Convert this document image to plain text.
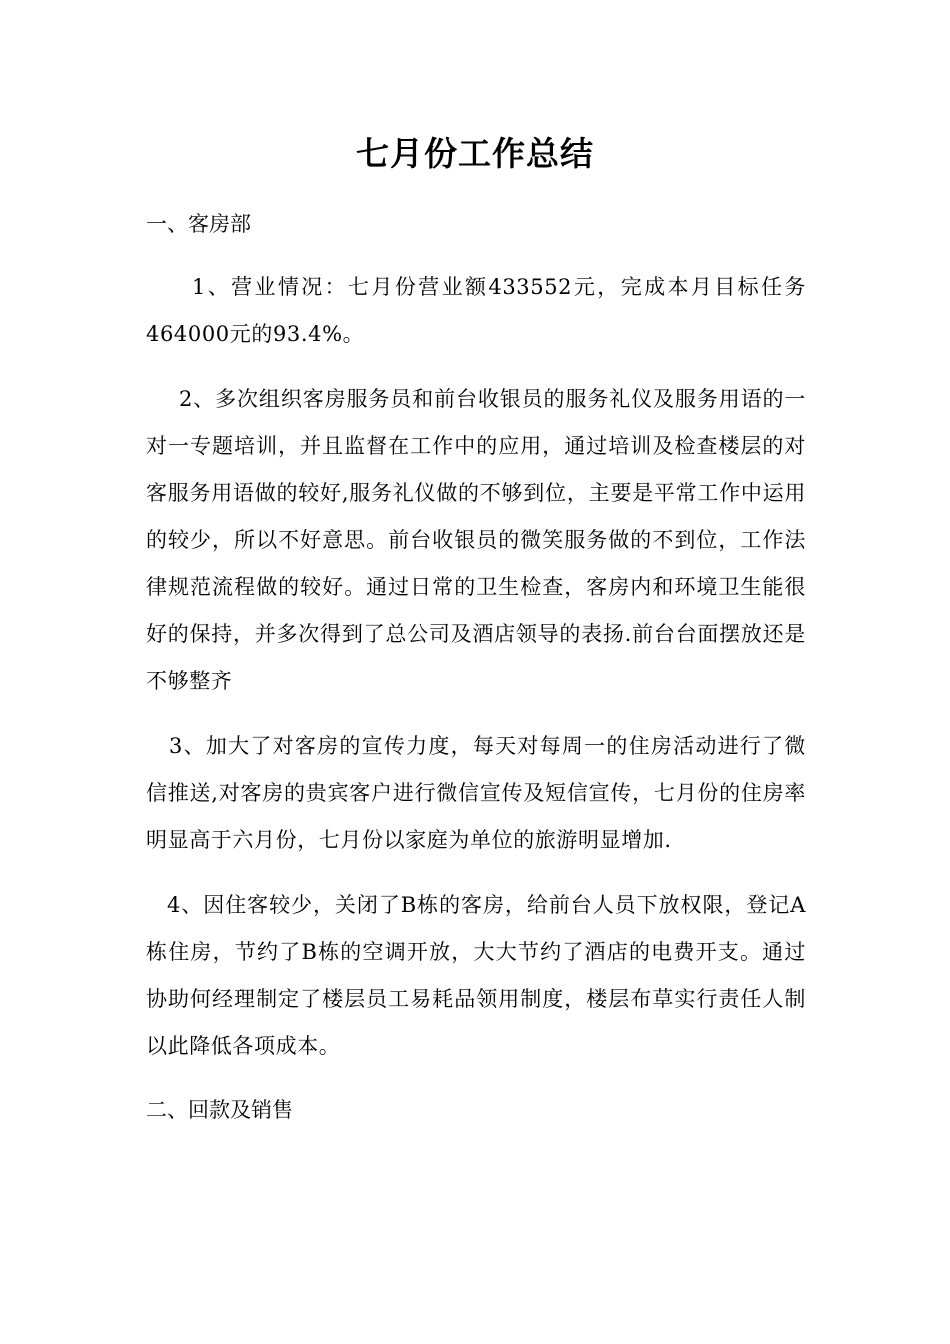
七月份工作总结
一、客房部

1、营业情况：七月份营业额433552元，完成本月目标任务464000元的93.4%。

2、多次组织客房服务员和前台收银员的服务礼仪及服务用语的一对一专题培训，并且监督在工作中的应用，通过培训及检查楼层的对客服务用语做的较好,服务礼仪做的不够到位，主要是平常工作中运用的较少，所以不好意思。前台收银员的微笑服务做的不到位，工作法律规范流程做的较好。通过日常的卫生检查，客房内和环境卫生能很好的保持，并多次得到了总公司及酒店领导的表扬.前台台面摆放还是不够整齐

3、加大了对客房的宣传力度，每天对每周一的住房活动进行了微信推送,对客房的贵宾客户进行微信宣传及短信宣传，七月份的住房率明显高于六月份，七月份以家庭为单位的旅游明显增加.

4、因住客较少，关闭了B栋的客房，给前台人员下放权限，登记A栋住房，节约了B栋的空调开放，大大节约了酒店的电费开支。通过协助何经理制定了楼层员工易耗品领用制度，楼层布草实行责任人制以此降低各项成本。

二、回款及销售
